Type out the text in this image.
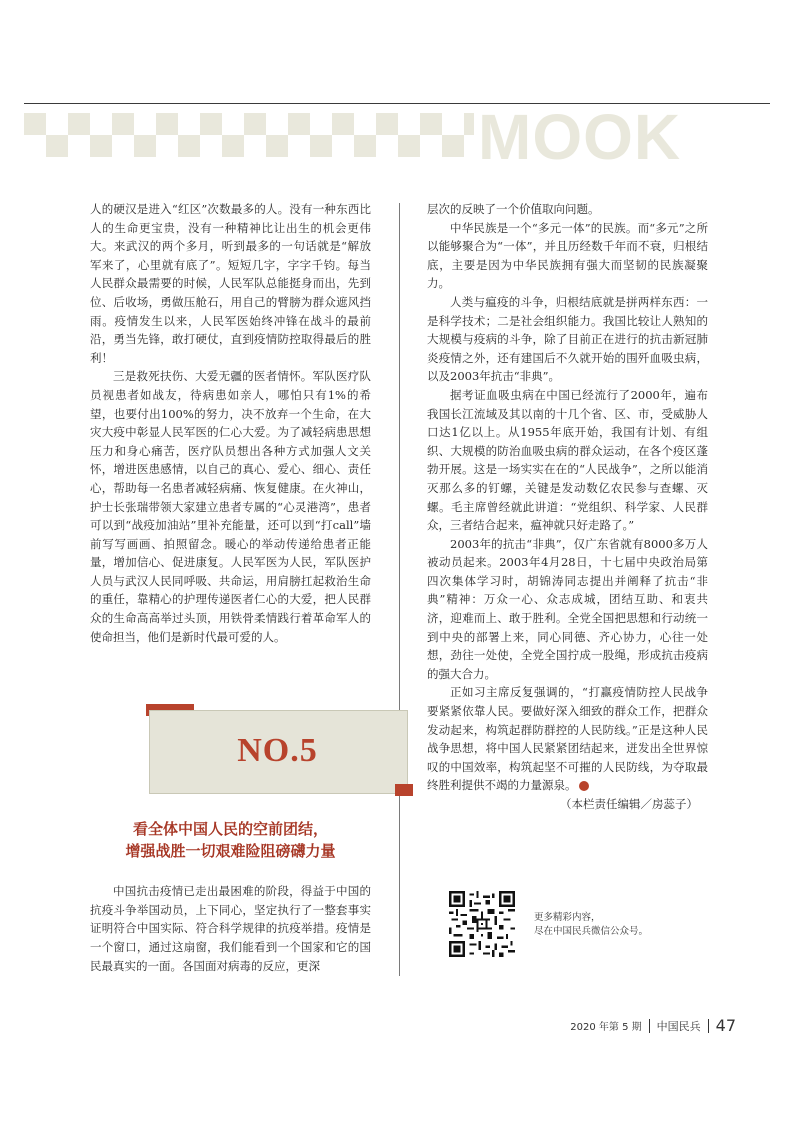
MOOK

人的硬汉是进入“红区”次数最多的人。没有一种东西比人的生命更宝贵，没有一种精神比让出生的机会更伟大。来武汉的两个多月，听到最多的一句话就是“解放军来了，心里就有底了”。短短几字，字字千钧。每当人民群众最需要的时候，人民军队总能挺身而出，先到位、后收场，勇做压舱石，用自己的臂膀为群众遮风挡雨。疫情发生以来，人民军医始终冲锋在战斗的最前沿，勇当先锋，敢打硬仗，直到疫情防控取得最后的胜利！

三是救死扶伤、大爱无疆的医者情怀。军队医疗队员视患者如战友，待病患如亲人，哪怕只有1%的希望，也要付出100%的努力，决不放弃一个生命，在大灾大疫中彰显人民军医的仁心大爱。为了减轻病患思想压力和身心痛苦，医疗队员想出各种方式加强人文关怀，增进医患感情，以自己的真心、爱心、细心、责任心，帮助每一名患者减轻病痛、恢复健康。在火神山，护士长张瑞带领大家建立患者专属的“心灵港湾”，患者可以到“战疫加油站”里补充能量，还可以到“打call”墙前写写画画、拍照留念。暖心的举动传递给患者正能量，增加信心、促进康复。人民军医为人民，军队医护人员与武汉人民同呼吸、共命运，用肩膀扛起救治生命的重任，靠精心的护理传递医者仁心的大爱，把人民群众的生命高高举过头顶，用铁骨柔情践行着革命军人的使命担当，他们是新时代最可爱的人。

NO.5
看全体中国人民的空前团结，
增强战胜一切艰难险阻磅礴力量

中国抗击疫情已走出最困难的阶段，得益于中国的抗疫斗争举国动员，上下同心，坚定执行了一整套事实证明符合中国实际、符合科学规律的抗疫举措。疫情是一个窗口，通过这扇窗，我们能看到一个国家和它的国民最真实的一面。各国面对病毒的反应，更深

层次的反映了一个价值取向问题。

中华民族是一个“多元一体”的民族。而“多元”之所以能够聚合为“一体”，并且历经数千年而不衰，归根结底，主要是因为中华民族拥有强大而坚韧的民族凝聚力。

人类与瘟疫的斗争，归根结底就是拼两样东西：一是科学技术；二是社会组织能力。我国比较让人熟知的大规模与疫病的斗争，除了目前正在进行的抗击新冠肺炎疫情之外，还有建国后不久就开始的围歼血吸虫病，以及2003年抗击“非典”。

据考证血吸虫病在中国已经流行了2000年，遍布我国长江流域及其以南的十几个省、区、市，受威胁人口达1亿以上。从1955年底开始，我国有计划、有组织、大规模的防治血吸虫病的群众运动，在各个疫区蓬勃开展。这是一场实实在在的“人民战争”，之所以能消灭那么多的钉螺，关键是发动数亿农民参与查螺、灭螺。毛主席曾经就此讲道：“党组织、科学家、人民群众，三者结合起来，瘟神就只好走路了。”

2003年的抗击“非典”，仅广东省就有8000多万人被动员起来。2003年4月28日，十七届中央政治局第四次集体学习时，胡锦涛同志提出并阐释了抗击“非典”精神：万众一心、众志成城，团结互助、和衷共济，迎难而上、敢于胜利。全党全国把思想和行动统一到中央的部署上来，同心同德、齐心协力，心往一处想，劲往一处使，全党全国拧成一股绳，形成抗击疫病的强大合力。

正如习主席反复强调的，“打赢疫情防控人民战争要紧紧依靠人民。要做好深入细致的群众工作，把群众发动起来，构筑起群防群控的人民防线。”正是这种人民战争思想，将中国人民紧紧团结起来，迸发出全世界惊叹的中国效率，构筑起坚不可摧的人民防线，为夺取最终胜利提供不竭的力量源泉。

（本栏责任编辑／房蕊子）

更多精彩内容，
尽在中国民兵微信公众号。
2020 年第 5 期 中国民兵 47
